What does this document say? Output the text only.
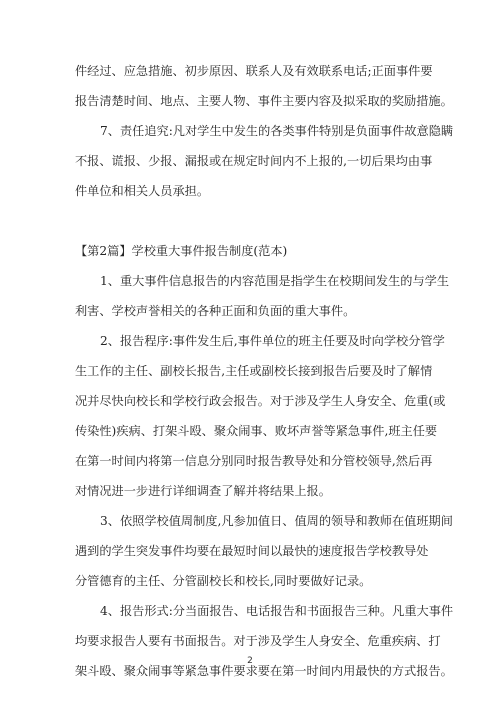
件经过、应急措施、初步原因、联系人及有效联系电话;正面事件要
报告清楚时间、地点、主要人物、事件主要内容及拟采取的奖励措施。
7、责任追究:凡对学生中发生的各类事件特别是负面事件故意隐瞒
不报、谎报、少报、漏报或在规定时间内不上报的,一切后果均由事
件单位和相关人员承担。
【第2篇】学校重大事件报告制度(范本)
1、重大事件信息报告的内容范围是指学生在校期间发生的与学生
利害、学校声誉相关的各种正面和负面的重大事件。
2、报告程序:事件发生后,事件单位的班主任要及时向学校分管学
生工作的主任、副校长报告,主任或副校长接到报告后要及时了解情
况并尽快向校长和学校行政会报告。对于涉及学生人身安全、危重(或
传染性)疾病、打架斗殴、聚众闹事、败坏声誉等紧急事件,班主任要
在第一时间内将第一信息分别同时报告教导处和分管校领导,然后再
对情况进一步进行详细调查了解并将结果上报。
3、依照学校值周制度,凡参加值日、值周的领导和教师在值班期间
遇到的学生突发事件均要在最短时间以最快的速度报告学校教导处
分管德育的主任、分管副校长和校长,同时要做好记录。
4、报告形式:分当面报告、电话报告和书面报告三种。凡重大事件
均要求报告人要有书面报告。对于涉及学生人身安全、危重疾病、打
架斗殴、聚众闹事等紧急事件要求要在第一时间内用最快的方式报告。
2
